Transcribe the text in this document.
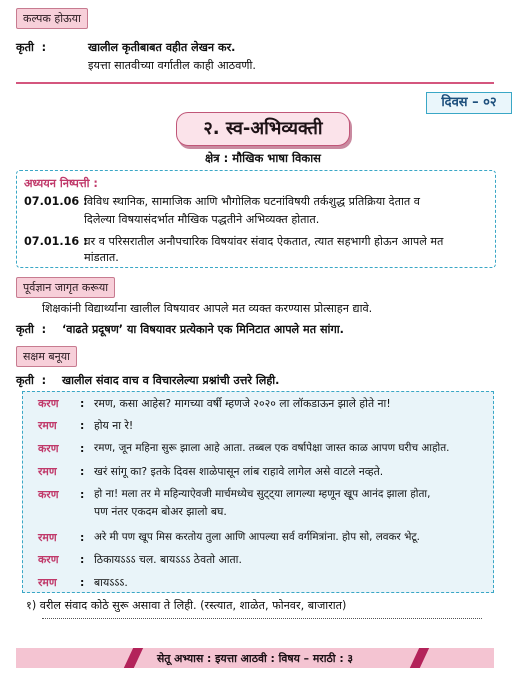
कल्पक होऊया
कृती  :	खालील कृतीबाबत वहीत लेखन कर.
इयत्ता सातवीच्या वर्गातील काही आठवणी.
दिवस – ०२
२. स्व-अभिव्यक्ती
क्षेत्र : मौखिक भाषा विकास
अध्ययन निष्पत्ती :
07.01.06 :
विविध स्थानिक, सामाजिक आणि भौगोलिक घटनांविषयी तर्कशुद्ध प्रतिक्रिया देतात व
दिलेल्या विषयासंदर्भात मौखिक पद्धतीने अभिव्यक्त होतात.
07.01.16 :
घर व परिसरातील अनौपचारिक विषयांवर संवाद ऐकतात, त्यात सहभागी होऊन आपले मत
मांडतात.
पूर्वज्ञान जागृत करूया
शिक्षकांनी विद्यार्थ्यांना खालील विषयावर आपले मत व्यक्त करण्यास प्रोत्साहन द्यावे.
कृती  : ‘वाढते प्रदूषण’ या विषयावर प्रत्येकाने एक मिनिटात आपले मत सांगा.
सक्षम बनूया
कृती  : खालील संवाद वाच व विचारलेल्या प्रश्नांची उत्तरे लिही.
करण : रमण, कसा आहेस? मागच्या वर्षी म्हणजे २०२० ला लॉकडाऊन झाले होते ना!
रमण : होय ना रे!
करण : रमण, जून महिना सुरू झाला आहे आता. तब्बल एक वर्षापेक्षा जास्त काळ आपण घरीच आहोत.
रमण : खरं सांगू का? इतके दिवस शाळेपासून लांब राहावे लागेल असे वाटले नव्हते.
करण : हो ना! मला तर मे महिन्याऐवजी मार्चमध्येच सुट्ट्या लागल्या म्हणून खूप आनंद झाला होता,
पण नंतर एकदम बोअर झालो बघ.
रमण : अरे मी पण खूप मिस करतोय तुला आणि आपल्या सर्व वर्गमित्रांना. होप सो, लवकर भेटू.
करण : ठिकायऽऽऽ चल. बायऽऽऽ ठेवतो आता.
रमण : बायऽऽऽ.
१) वरील संवाद कोठे सुरू असावा ते लिही. (रस्त्यात, शाळेत, फोनवर, बाजारात)
सेतू अभ्यास : इयत्ता आठवी : विषय – मराठी : ३
